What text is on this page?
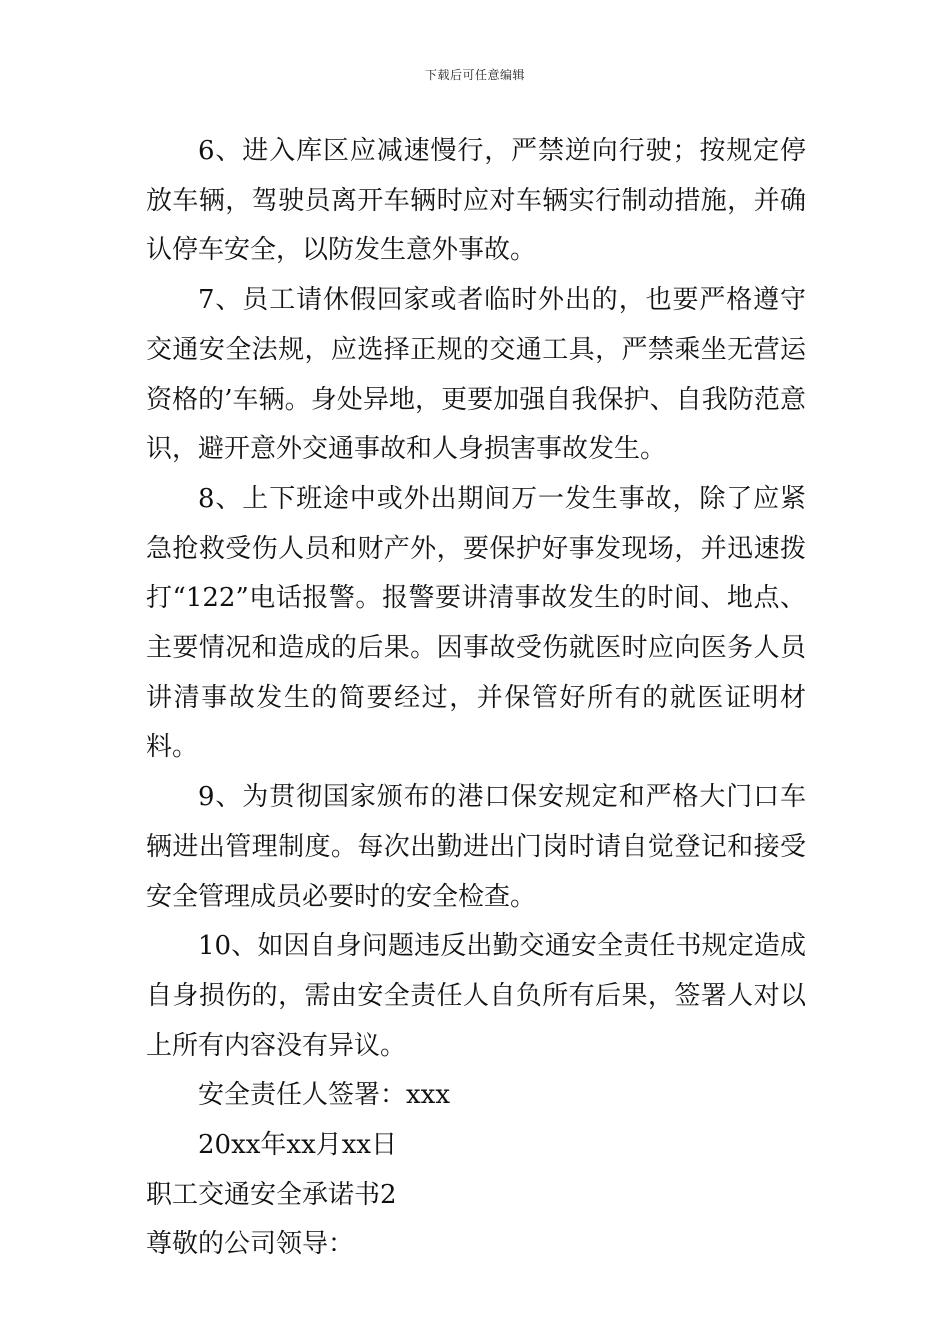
下载后可任意编辑

6、进入库区应减速慢行，严禁逆向行驶；按规定停放车辆，驾驶员离开车辆时应对车辆实行制动措施，并确认停车安全，以防发生意外事故。

7、员工请休假回家或者临时外出的，也要严格遵守交通安全法规，应选择正规的交通工具，严禁乘坐无营运资格的’车辆。身处异地，更要加强自我保护、自我防范意识，避开意外交通事故和人身损害事故发生。

8、上下班途中或外出期间万一发生事故，除了应紧急抢救受伤人员和财产外，要保护好事发现场，并迅速拨打“122”电话报警。报警要讲清事故发生的时间、地点、主要情况和造成的后果。因事故受伤就医时应向医务人员讲清事故发生的简要经过，并保管好所有的就医证明材料。

9、为贯彻国家颁布的港口保安规定和严格大门口车辆进出管理制度。每次出勤进出门岗时请自觉登记和接受安全管理成员必要时的安全检查。

10、如因自身问题违反出勤交通安全责任书规定造成自身损伤的，需由安全责任人自负所有后果，签署人对以上所有内容没有异议。

安全责任人签署：xxx

20xx年xx月xx日

职工交通安全承诺书2

尊敬的公司领导：
